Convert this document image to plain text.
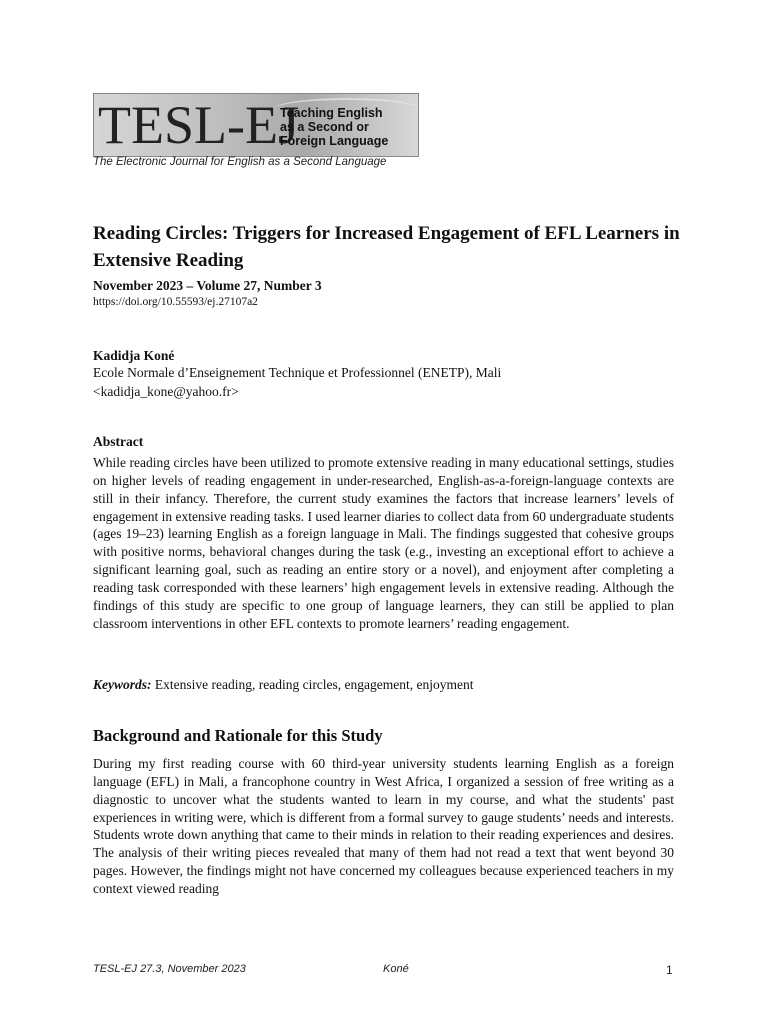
TESL-EJ
Teaching English
as a Second or
Foreign Language
The Electronic Journal for English as a Second Language
Reading Circles: Triggers for Increased Engagement of EFL Learners in Extensive Reading
November 2023 – Volume 27, Number 3
https://doi.org/10.55593/ej.27107a2
Kadidja Koné
Ecole Normale d’Enseignement Technique et Professionnel (ENETP), Mali
<kadidja_kone@yahoo.fr>
Abstract

While reading circles have been utilized to promote extensive reading in many educational settings, studies on higher levels of reading engagement in under-researched, English-as-a-foreign-language contexts are still in their infancy. Therefore, the current study examines the factors that increase learners’ levels of engagement in extensive reading tasks. I used learner diaries to collect data from 60 undergraduate students (ages 19–23) learning English as a foreign language in Mali. The findings suggested that cohesive groups with positive norms, behavioral changes during the task (e.g., investing an exceptional effort to achieve a significant learning goal, such as reading an entire story or a novel), and enjoyment after completing a reading task corresponded with these learners’ high engagement levels in extensive reading. Although the findings of this study are specific to one group of language learners, they can still be applied to plan classroom interventions in other EFL contexts to promote learners’ reading engagement.

Keywords: Extensive reading, reading circles, engagement, enjoyment
Background and Rationale for this Study

During my first reading course with 60 third-year university students learning English as a foreign language (EFL) in Mali, a francophone country in West Africa, I organized a session of free writing as a diagnostic to uncover what the students wanted to learn in my course, and what the students' past experiences in writing were, which is different from a formal survey to gauge students’ needs and interests. Students wrote down anything that came to their minds in relation to their reading experiences and desires. The analysis of their writing pieces revealed that many of them had not read a text that went beyond 30 pages. However, the findings might not have concerned my colleagues because experienced teachers in my context viewed reading

TESL-EJ 27.3, November 2023	Koné	1
